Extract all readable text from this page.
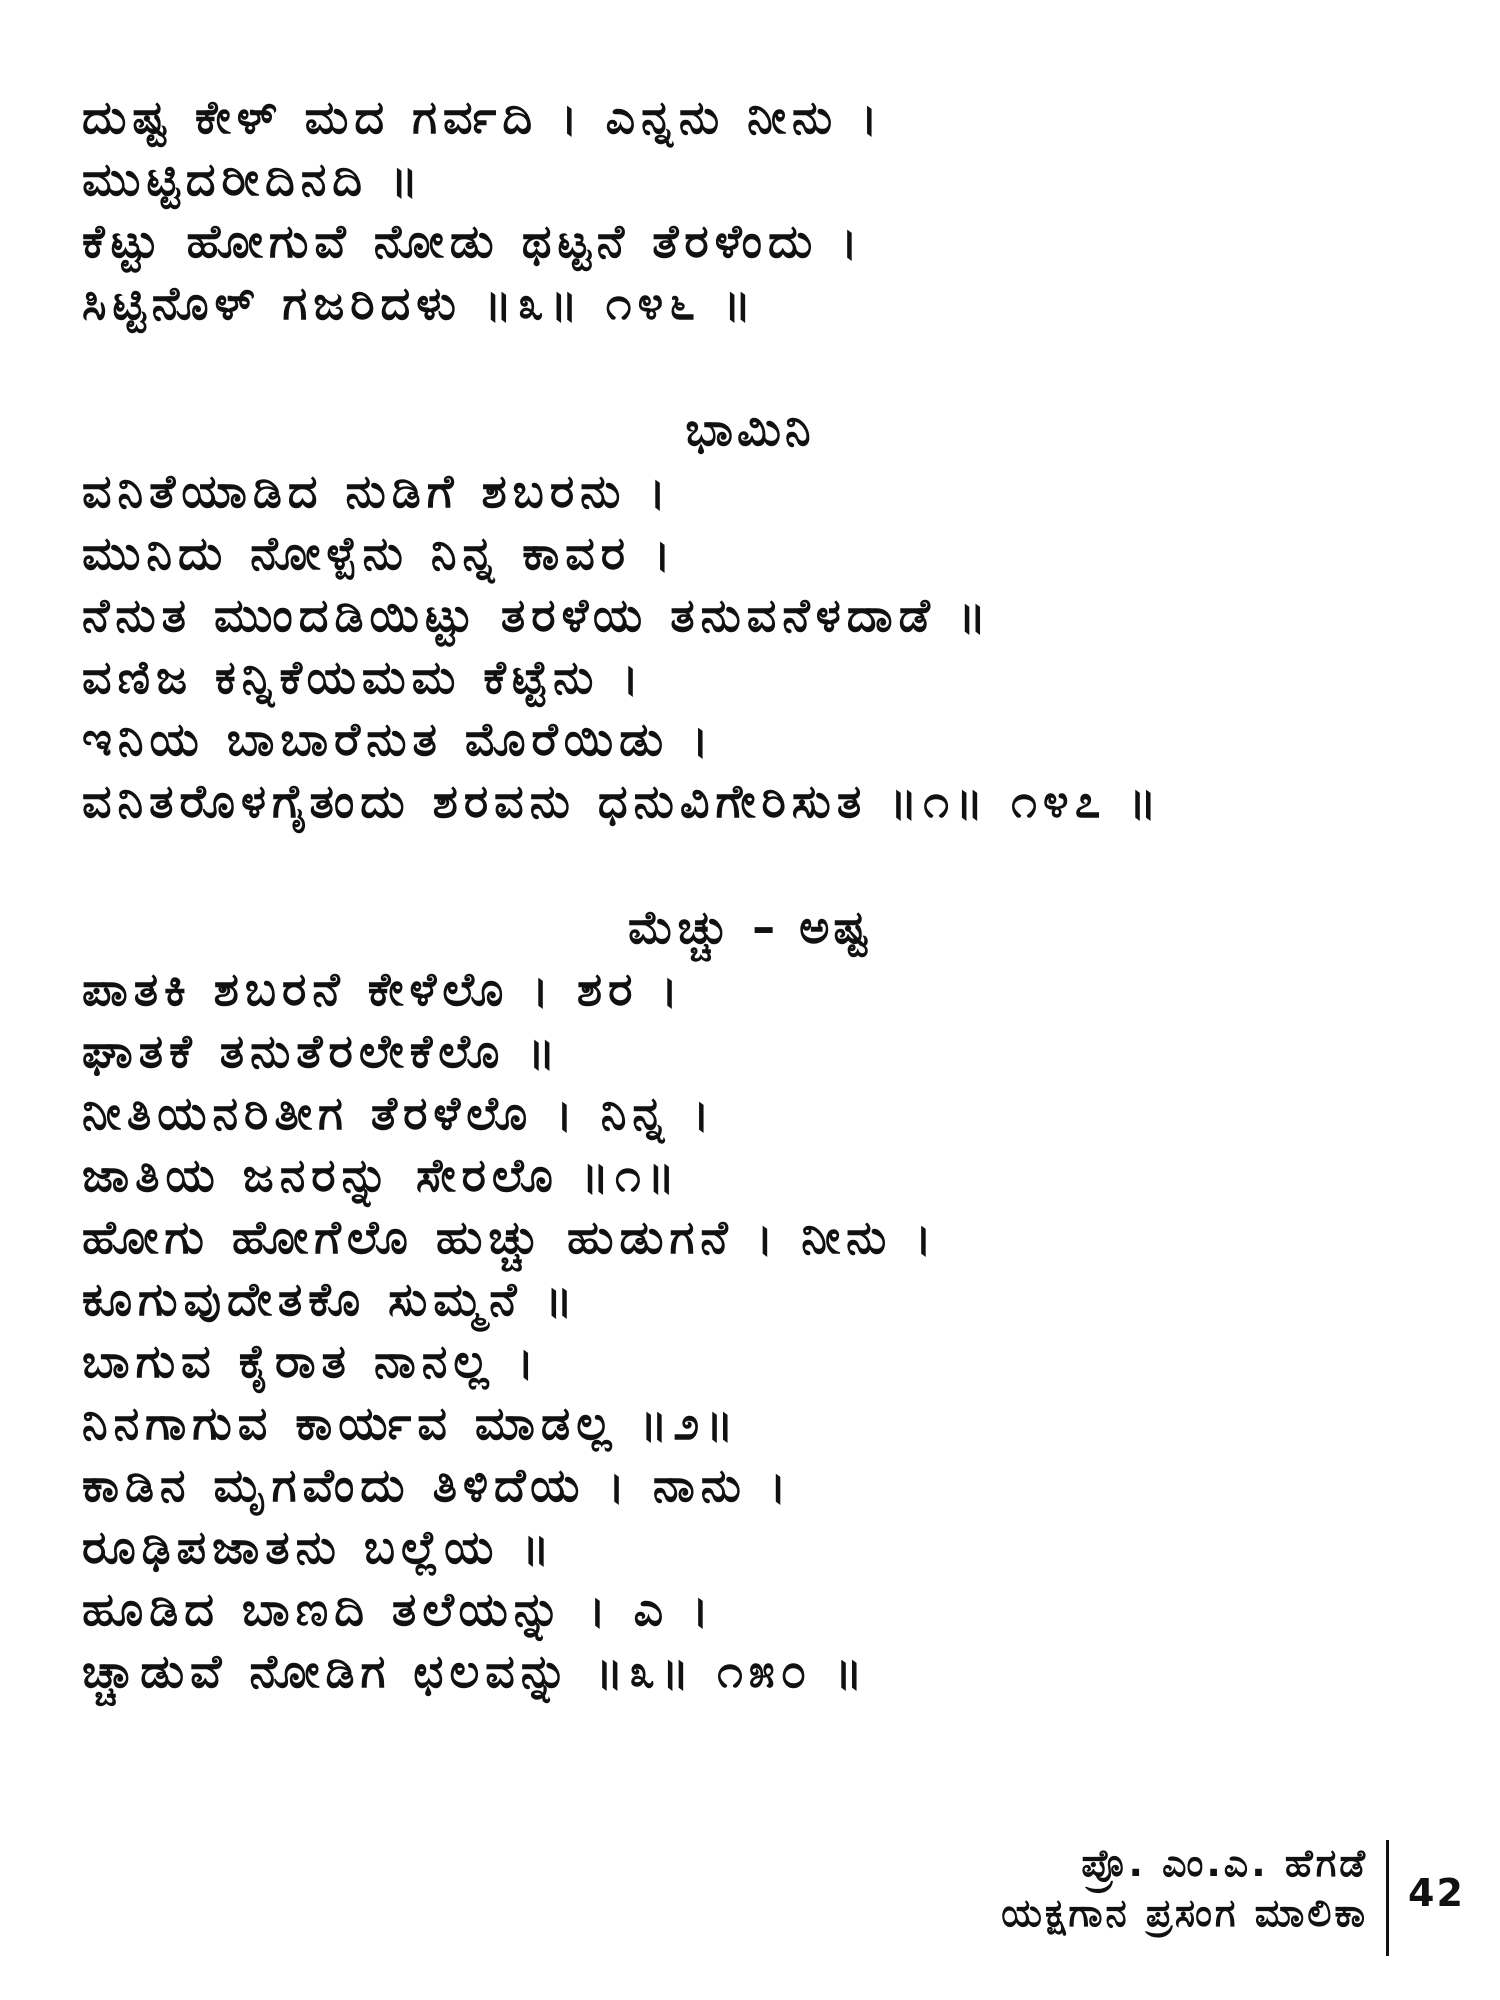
ದುಷ್ಟ ಕೇಳ್ ಮದ ಗರ್ವದಿ । ಎನ್ನನು ನೀನು ।
ಮುಟ್ಟಿದರೀದಿನದಿ ॥
ಕೆಟ್ಟು ಹೋಗುವೆ ನೋಡು ಥಟ್ಟನೆ ತೆರಳೆಂದು ।
ಸಿಟ್ಟಿನೊಳ್ ಗಜರಿದಳು ॥೩॥ ೧೪೬ ॥
ಭಾಮಿನಿ
ವನಿತೆಯಾಡಿದ ನುಡಿಗೆ ಶಬರನು ।
ಮುನಿದು ನೋಳ್ಪೆನು ನಿನ್ನ ಕಾವರ ।
ನೆನುತ ಮುಂದಡಿಯಿಟ್ಟು ತರಳೆಯ ತನುವನೆಳದಾಡೆ ॥
ವಣಿಜ ಕನ್ನಿಕೆಯಮಮ ಕೆಟ್ಟೆನು ।
ಇನಿಯ ಬಾಬಾರೆನುತ ಮೊರೆಯಿಡು ।
ವನಿತರೊಳಗೈತಂದು ಶರವನು ಧನುವಿಗೇರಿಸುತ ॥೧॥ ೧೪೭ ॥
ಮೆಚ್ಚು – ಅಷ್ಟ
ಪಾತಕಿ ಶಬರನೆ ಕೇಳೆಲೊ । ಶರ ।
ಘಾತಕೆ ತನುತೆರಲೇಕೆಲೊ ॥
ನೀತಿಯನರಿತೀಗ ತೆರಳೆಲೊ । ನಿನ್ನ ।
ಜಾತಿಯ ಜನರನ್ನು ಸೇರಲೊ ॥೧॥
ಹೋಗು ಹೋಗೆಲೊ ಹುಚ್ಚು ಹುಡುಗನೆ । ನೀನು ।
ಕೂಗುವುದೇತಕೊ ಸುಮ್ಮನೆ ॥
ಬಾಗುವ ಕೈರಾತ ನಾನಲ್ಲ ।
ನಿನಗಾಗುವ ಕಾರ್ಯವ ಮಾಡಲ್ಲ ॥೨॥
ಕಾಡಿನ ಮೃಗವೆಂದು ತಿಳಿದೆಯ । ನಾನು ।
ರೂಢಿಪಜಾತನು ಬಲ್ಲೆಯ ॥
ಹೂಡಿದ ಬಾಣದಿ ತಲೆಯನ್ನು । ಎ ।
ಚ್ಚಾಡುವೆ ನೋಡಿಗ ಛಲವನ್ನು ॥೩॥ ೧೫೦ ॥
ಪ್ರೊ. ಎಂ.ಎ. ಹೆಗಡೆ
ಯಕ್ಷಗಾನ ಪ್ರಸಂಗ ಮಾಲಿಕಾ 42
